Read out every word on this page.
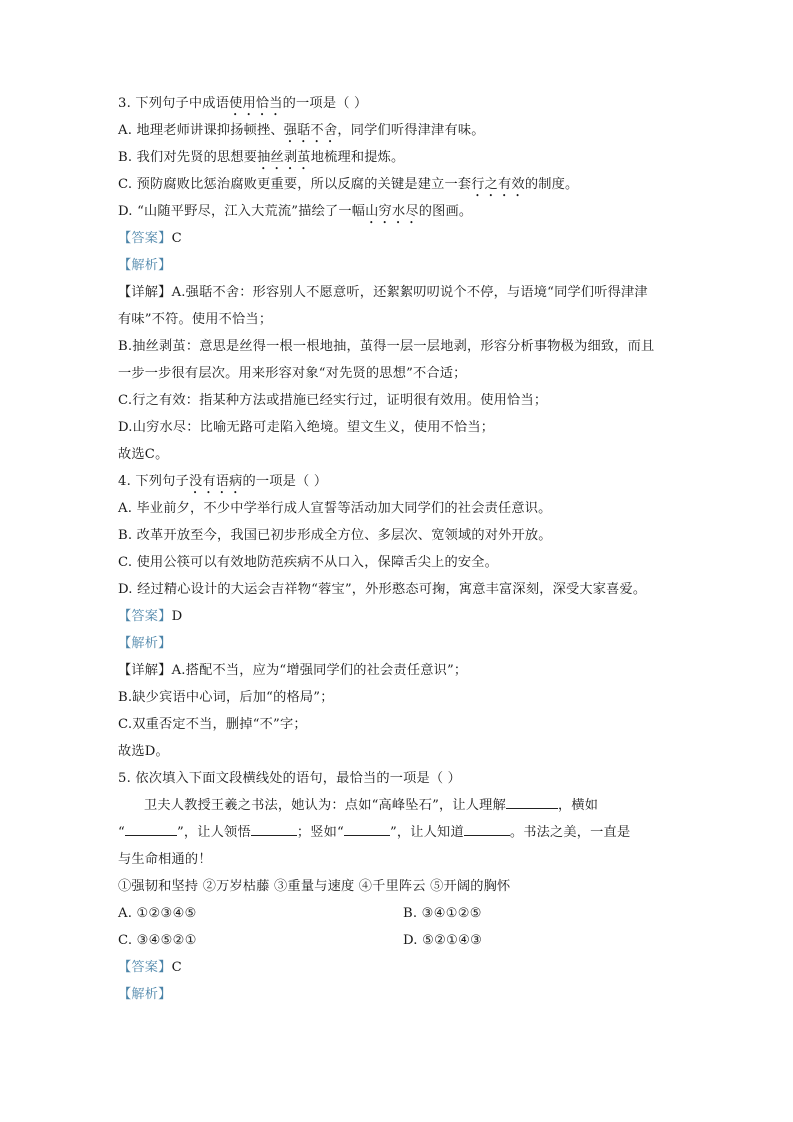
3. 下列句子中成语使用恰当的一项是（ ）
A. 地理老师讲课抑扬顿挫、强聒不舍，同学们听得津津有味。
B. 我们对先贤的思想要抽丝剥茧地梳理和提炼。
C. 预防腐败比惩治腐败更重要，所以反腐的关键是建立一套行之有效的制度。
D. “山随平野尽，江入大荒流”描绘了一幅山穷水尽的图画。
【答案】C
【解析】
【详解】A.强聒不舍：形容别人不愿意听，还絮絮叨叨说个不停，与语境“同学们听得津津
有味”不符。使用不恰当；
B.抽丝剥茧：意思是丝得一根一根地抽，茧得一层一层地剥，形容分析事物极为细致，而且
一步一步很有层次。用来形容对象“对先贤的思想”不合适；
C.行之有效：指某种方法或措施已经实行过，证明很有效用。使用恰当；
D.山穷水尽：比喻无路可走陷入绝境。望文生义，使用不恰当；
故选C。
4. 下列句子没有语病的一项是（ ）
A. 毕业前夕，不少中学举行成人宣誓等活动加大同学们的社会责任意识。
B. 改革开放至今，我国已初步形成全方位、多层次、宽领域的对外开放。
C. 使用公筷可以有效地防范疾病不从口入，保障舌尖上的安全。
D. 经过精心设计的大运会吉祥物“蓉宝”，外形憨态可掬，寓意丰富深刻，深受大家喜爱。
【答案】D
【解析】
【详解】A.搭配不当，应为“增强同学们的社会责任意识”；
B.缺少宾语中心词，后加“的格局”；
C.双重否定不当，删掉“不”字；
故选D。
5. 依次填入下面文段横线处的语句，最恰当的一项是（ ）
卫夫人教授王羲之书法，她认为：点如“高峰坠石”，让人理解	，横如
“	”，让人领悟	；竖如“	”，让人知道	。书法之美，一直是
与生命相通的！
①强韧和坚持 ②万岁枯藤 ③重量与速度 ④千里阵云 ⑤开阔的胸怀
A. ①②③④⑤	B. ③④①②⑤
C. ③④⑤②①	D. ⑤②①④③
【答案】C
【解析】
